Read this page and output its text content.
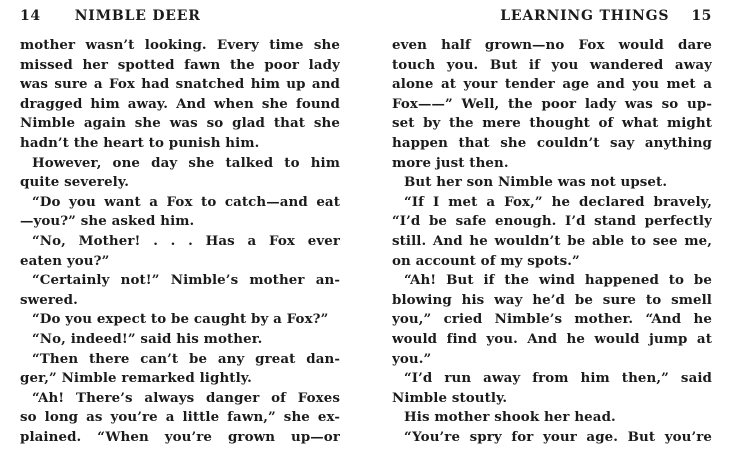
14 NIMBLE DEER
mother wasn’t looking. Every time she
missed her spotted fawn the poor lady
was sure a Fox had snatched him up and
dragged him away. And when she found
Nimble again she was so glad that she
hadn’t the heart to punish him.
However, one day she talked to him
quite severely.
“Do you want a Fox to catch—and eat
—you?” she asked him.
“No, Mother! . . . Has a Fox ever
eaten you?”
“Certainly not!” Nimble’s mother an-
swered.
“Do you expect to be caught by a Fox?”
“No, indeed!” said his mother.
“Then there can’t be any great dan-
ger,” Nimble remarked lightly.
“Ah! There’s always danger of Foxes
so long as you’re a little fawn,” she ex-
plained. “When you’re grown up—or
LEARNING THINGS 15
even half grown—no Fox would dare
touch you. But if you wandered away
alone at your tender age and you met a
Fox——” Well, the poor lady was so up-
set by the mere thought of what might
happen that she couldn’t say anything
more just then.
But her son Nimble was not upset.
“If I met a Fox,” he declared bravely,
“I’d be safe enough. I’d stand perfectly
still. And he wouldn’t be able to see me,
on account of my spots.”
“Ah! But if the wind happened to be
blowing his way he’d be sure to smell
you,” cried Nimble’s mother. “And he
would find you. And he would jump at
you.”
“I’d run away from him then,” said
Nimble stoutly.
His mother shook her head.
“You’re spry for your age. But you’re
